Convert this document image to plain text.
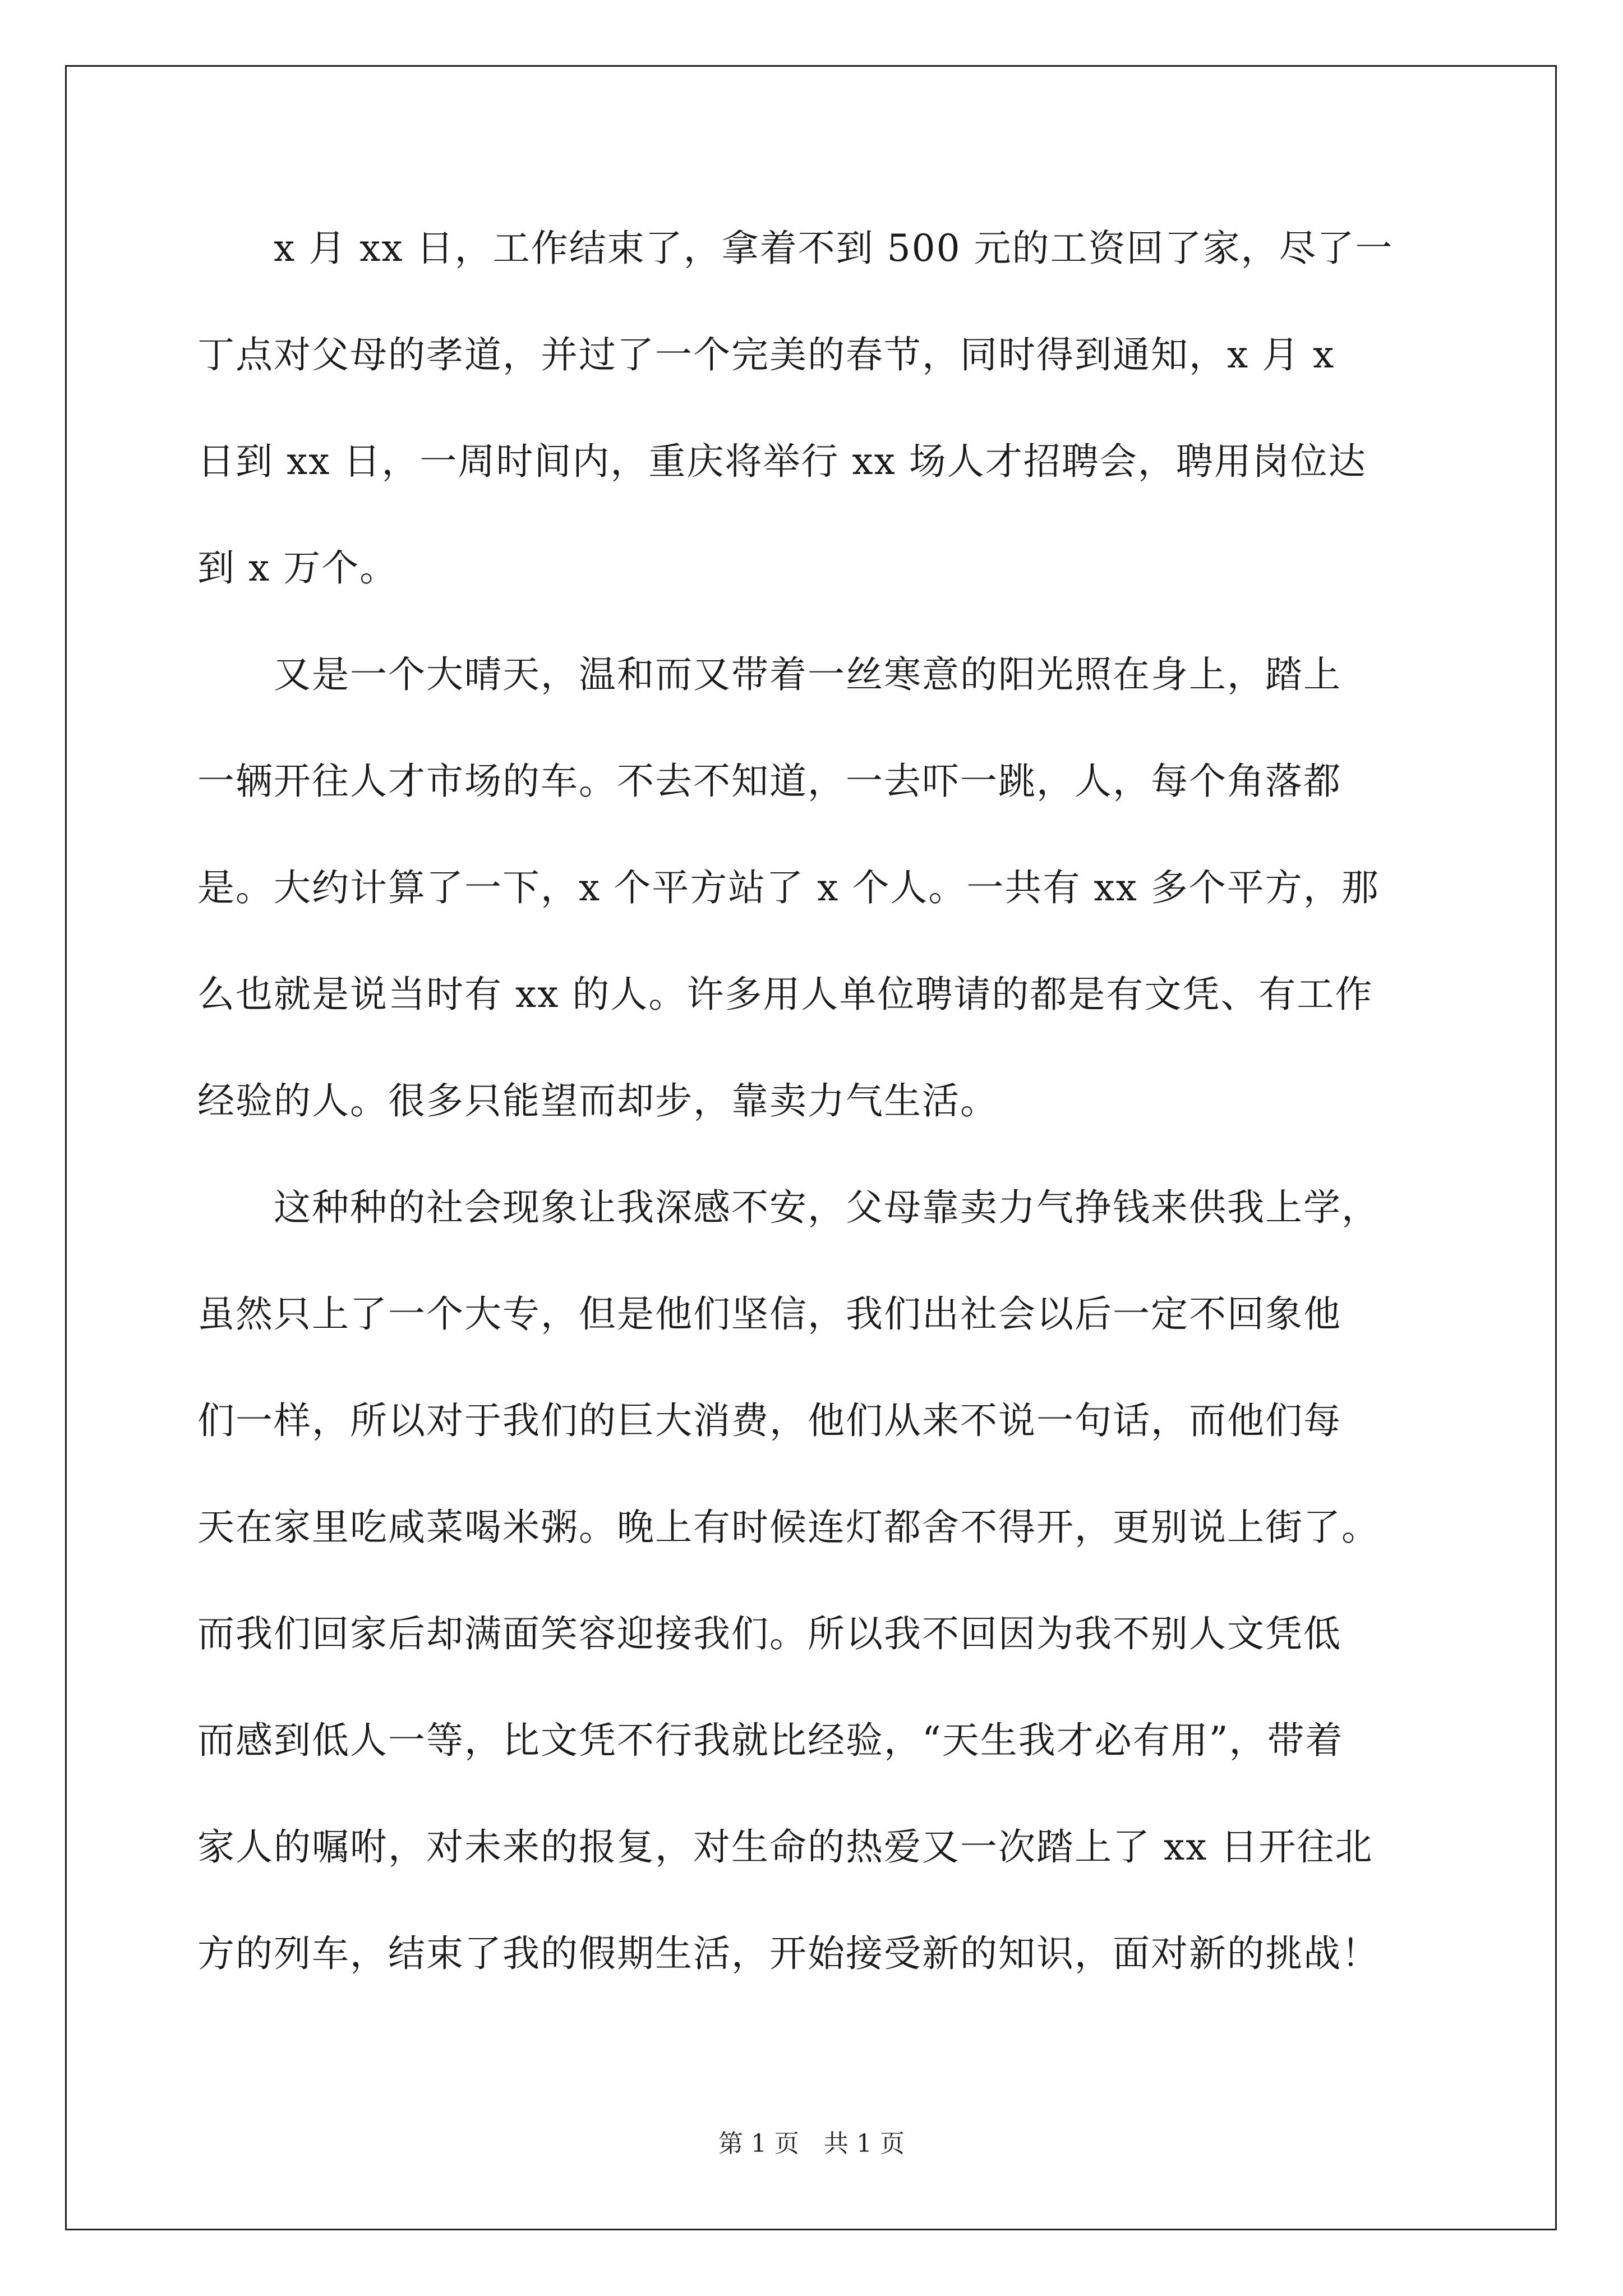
　　x 月 xx 日，工作结束了，拿着不到 500 元的工资回了家，尽了一
丁点对父母的孝道，并过了一个完美的春节，同时得到通知，x 月 x
日到 xx 日，一周时间内，重庆将举行 xx 场人才招聘会，聘用岗位达
到 x 万个。
　　又是一个大晴天，温和而又带着一丝寒意的阳光照在身上，踏上
一辆开往人才市场的车。不去不知道，一去吓一跳，人，每个角落都
是。大约计算了一下，x 个平方站了 x 个人。一共有 xx 多个平方，那
么也就是说当时有 xx 的人。许多用人单位聘请的都是有文凭、有工作
经验的人。很多只能望而却步，靠卖力气生活。
　　这种种的社会现象让我深感不安，父母靠卖力气挣钱来供我上学，
虽然只上了一个大专，但是他们坚信，我们出社会以后一定不回象他
们一样，所以对于我们的巨大消费，他们从来不说一句话，而他们每
天在家里吃咸菜喝米粥。晚上有时候连灯都舍不得开，更别说上街了。
而我们回家后却满面笑容迎接我们。所以我不回因为我不别人文凭低
而感到低人一等，比文凭不行我就比经验，“天生我才必有用”，带着
家人的嘱咐，对未来的报复，对生命的热爱又一次踏上了 xx 日开往北
方的列车，结束了我的假期生活，开始接受新的知识，面对新的挑战！
第 1 页　共 1 页
